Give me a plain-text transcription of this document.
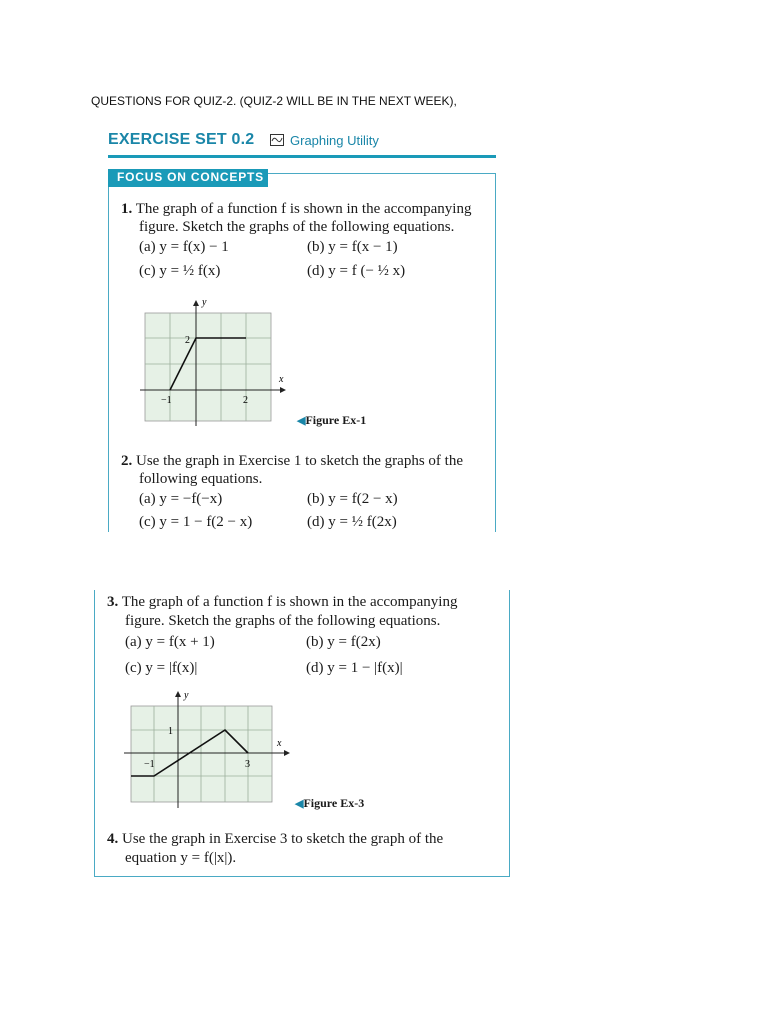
QUESTIONS FOR QUIZ-2. (QUIZ-2 WILL BE IN THE NEXT WEEK),
EXERCISE SET 0.2	Graphing Utility
FOCUS ON CONCEPTS
1. The graph of a function f is shown in the accompanying
figure. Sketch the graphs of the following equations.
(a) y = f(x) − 1	(b) y = f(x − 1)
(c) y = ½ f(x)	(d) y = f (− ½ x)
y
x
2
−1	2
◀Figure Ex-1
2. Use the graph in Exercise 1 to sketch the graphs of the
following equations.
(a) y = −f(−x)	(b) y = f(2 − x)
(c) y = 1 − f(2 − x)	(d) y = ½ f(2x)
3. The graph of a function f is shown in the accompanying
figure. Sketch the graphs of the following equations.
(a) y = f(x + 1)	(b) y = f(2x)
(c) y = |f(x)|	(d) y = 1 − |f(x)|
y
x
1
−1	3
◀Figure Ex-3
4. Use the graph in Exercise 3 to sketch the graph of the
equation y = f(|x|).
